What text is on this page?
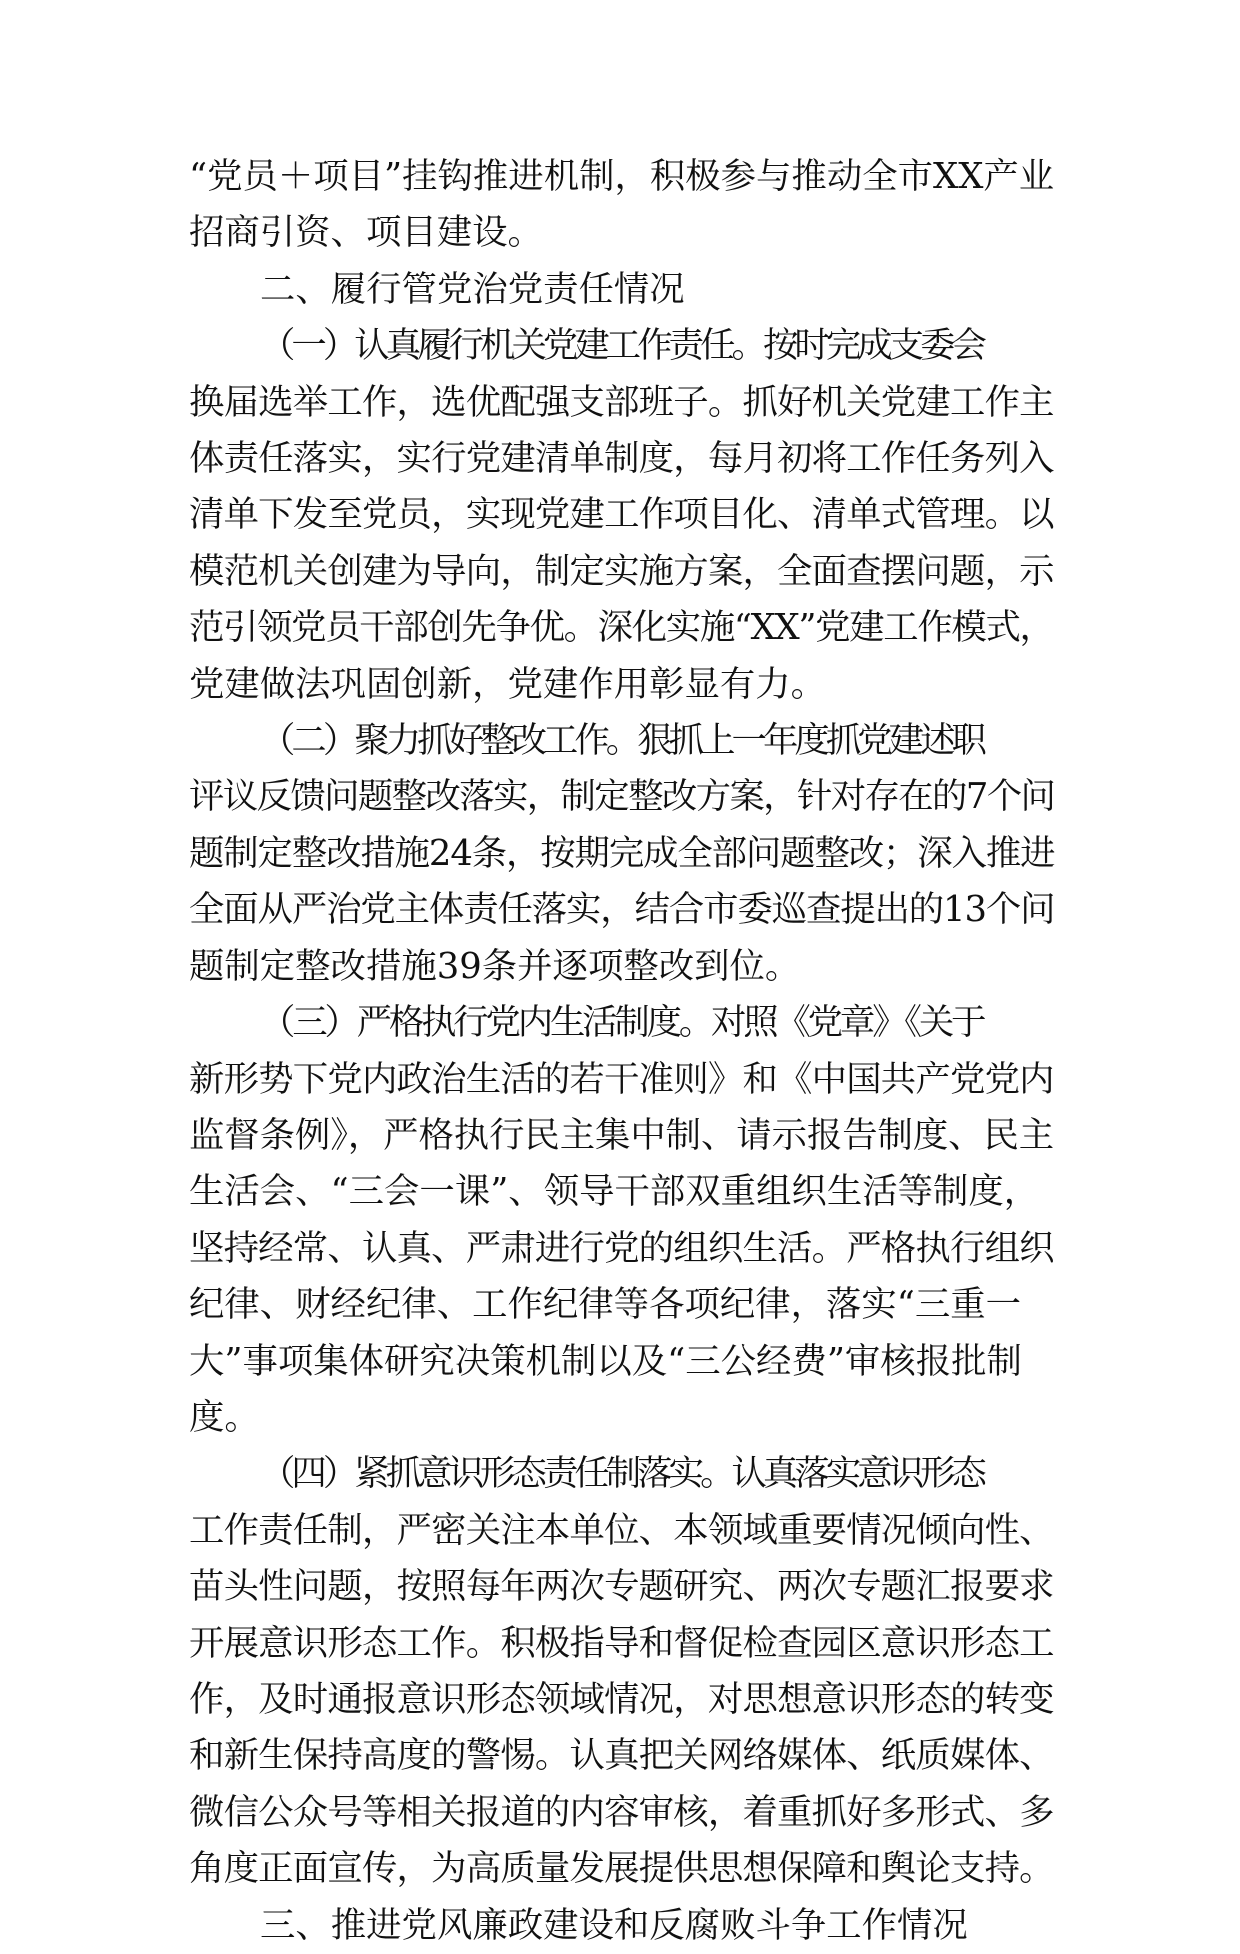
“党员＋项目”挂钩推进机制，积极参与推动全市XX产业
招商引资、项目建设。

二、履行管党治党责任情况

（一）认真履行机关党建工作责任。按时完成支委会
换届选举工作，选优配强支部班子。抓好机关党建工作主
体责任落实，实行党建清单制度，每月初将工作任务列入
清单下发至党员，实现党建工作项目化、清单式管理。以
模范机关创建为导向，制定实施方案，全面查摆问题，示
范引领党员干部创先争优。深化实施“XX”党建工作模式，
党建做法巩固创新，党建作用彰显有力。

（二）聚力抓好整改工作。狠抓上一年度抓党建述职
评议反馈问题整改落实，制定整改方案，针对存在的7个问
题制定整改措施24条，按期完成全部问题整改；深入推进
全面从严治党主体责任落实，结合市委巡查提出的13个问
题制定整改措施39条并逐项整改到位。

（三）严格执行党内生活制度。对照《党章》《关于
新形势下党内政治生活的若干准则》和《中国共产党党内
监督条例》，严格执行民主集中制、请示报告制度、民主
生活会、“三会一课”、领导干部双重组织生活等制度，
坚持经常、认真、严肃进行党的组织生活。严格执行组织
纪律、财经纪律、工作纪律等各项纪律，落实“三重一
大”事项集体研究决策机制以及“三公经费”审核报批制
度。

（四）紧抓意识形态责任制落实。认真落实意识形态
工作责任制，严密关注本单位、本领域重要情况倾向性、
苗头性问题，按照每年两次专题研究、两次专题汇报要求
开展意识形态工作。积极指导和督促检查园区意识形态工
作，及时通报意识形态领域情况，对思想意识形态的转变
和新生保持高度的警惕。认真把关网络媒体、纸质媒体、
微信公众号等相关报道的内容审核，着重抓好多形式、多
角度正面宣传，为高质量发展提供思想保障和舆论支持。

三、推进党风廉政建设和反腐败斗争工作情况
